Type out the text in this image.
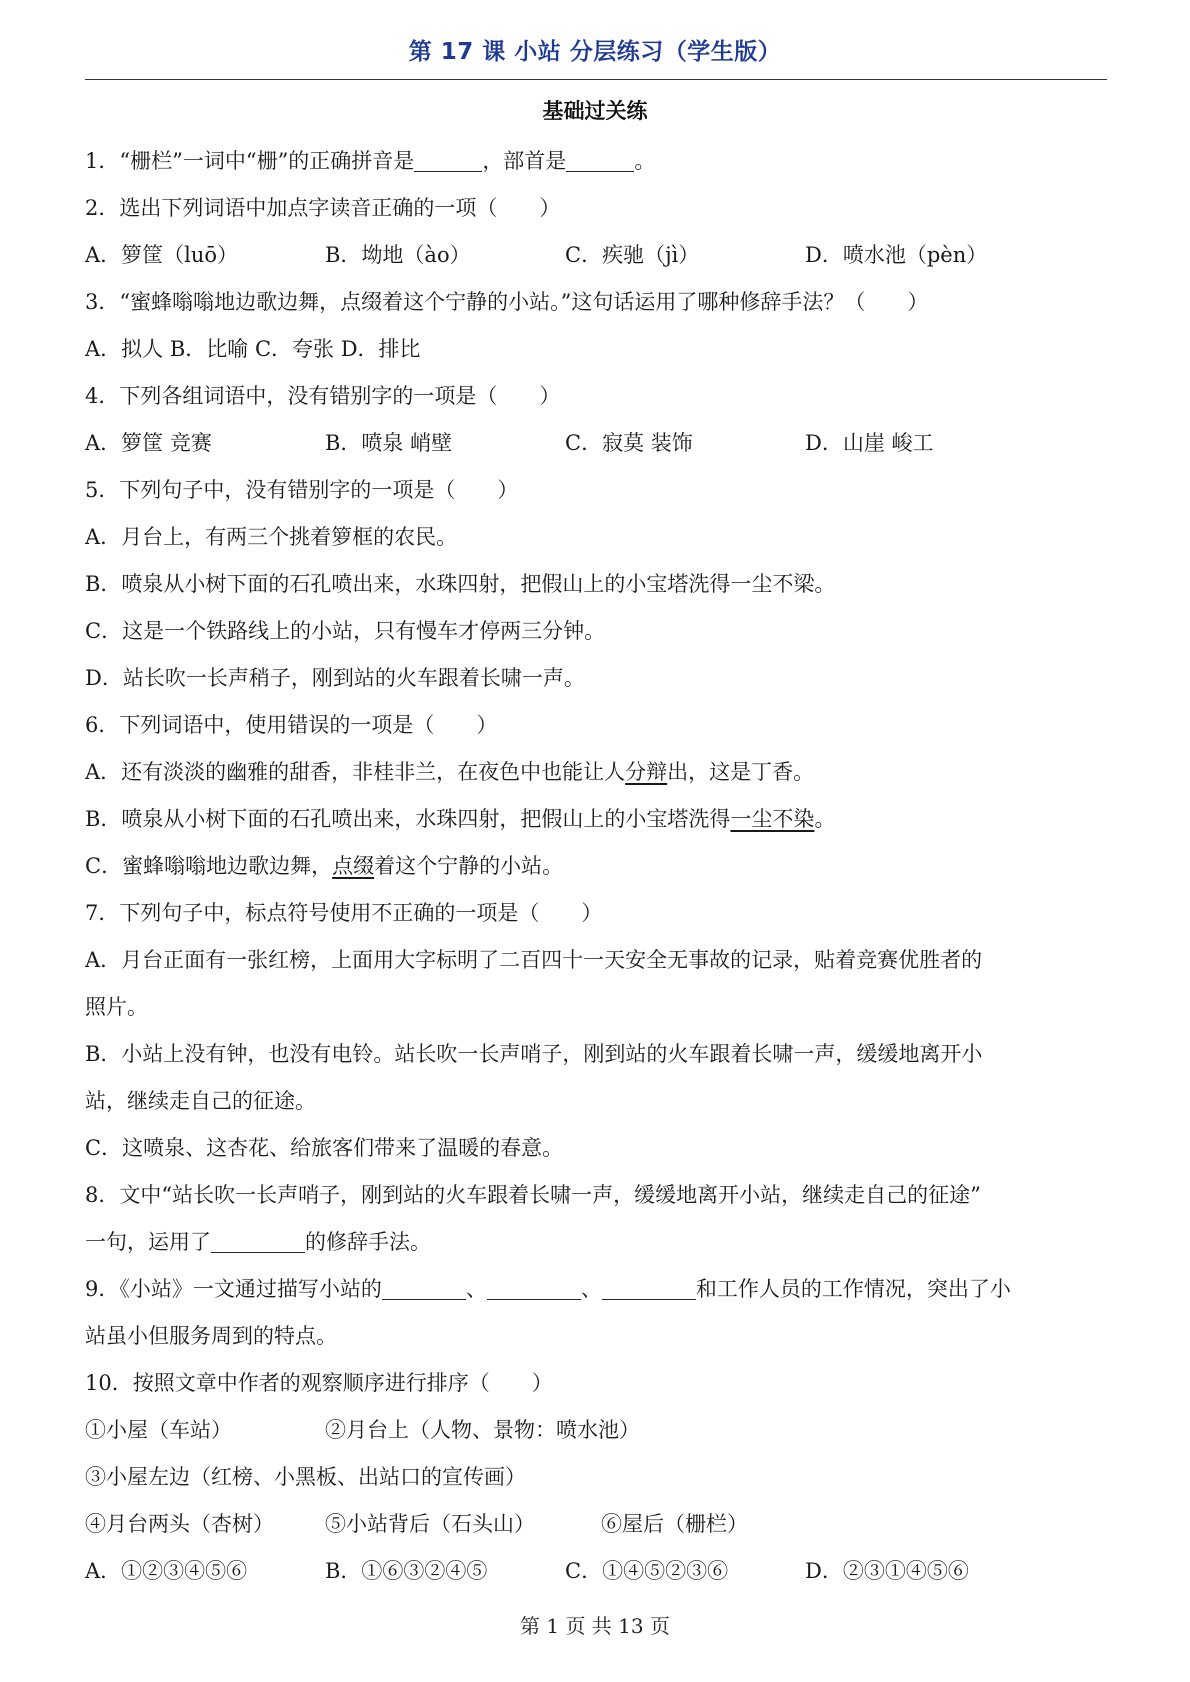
第 17 课 小站 分层练习（学生版）
基础过关练
1．“栅栏”一词中“栅”的正确拼音是	，部首是	。
2．选出下列词语中加点字读音正确的一项（　　）
A．箩筐（luō）	B．坳地（ào）	C．疾驰（jì）	D．喷水池（pèn）
3．“蜜蜂嗡嗡地边歌边舞，点缀着这个宁静的小站。”这句话运用了哪种修辞手法？（　　）
A．拟人 B．比喻 C．夸张 D．排比
4．下列各组词语中，没有错别字的一项是（　　）
A．箩筐 竞赛	B．喷泉 峭壁	C．寂莫 装饰	D．山崖 峻工
5．下列句子中，没有错别字的一项是（　　）
A．月台上，有两三个挑着箩框的农民。
B．喷泉从小树下面的石孔喷出来，水珠四射，把假山上的小宝塔洗得一尘不梁。
C．这是一个铁路线上的小站，只有慢车才停两三分钟。
D．站长吹一长声稍子，刚到站的火车跟着长啸一声。
6．下列词语中，使用错误的一项是（　　）
A．还有淡淡的幽雅的甜香，非桂非兰，在夜色中也能让人分辩出，这是丁香。
B．喷泉从小树下面的石孔喷出来，水珠四射，把假山上的小宝塔洗得一尘不染。
C．蜜蜂嗡嗡地边歌边舞，点缀着这个宁静的小站。
7．下列句子中，标点符号使用不正确的一项是（　　）
A．月台正面有一张红榜，上面用大字标明了二百四十一天安全无事故的记录，贴着竞赛优胜者的
照片。
B．小站上没有钟，也没有电铃。站长吹一长声哨子，刚到站的火车跟着长啸一声，缓缓地离开小
站，继续走自己的征途。
C．这喷泉、这杏花、给旅客们带来了温暖的春意。
8．文中“站长吹一长声哨子，刚到站的火车跟着长啸一声，缓缓地离开小站，继续走自己的征途”
一句，运用了	的修辞手法。
9．《小站》一文通过描写小站的	、	、	和工作人员的工作情况，突出了小
站虽小但服务周到的特点。
10．按照文章中作者的观察顺序进行排序（　　）
①小屋（车站）	②月台上（人物、景物：喷水池）
③小屋左边（红榜、小黑板、出站口的宣传画）
④月台两头（杏树）	⑤小站背后（石头山）	⑥屋后（栅栏）
A．①②③④⑤⑥	B．①⑥③②④⑤	C．①④⑤②③⑥	D．②③①④⑤⑥
第 1 页 共 13 页
